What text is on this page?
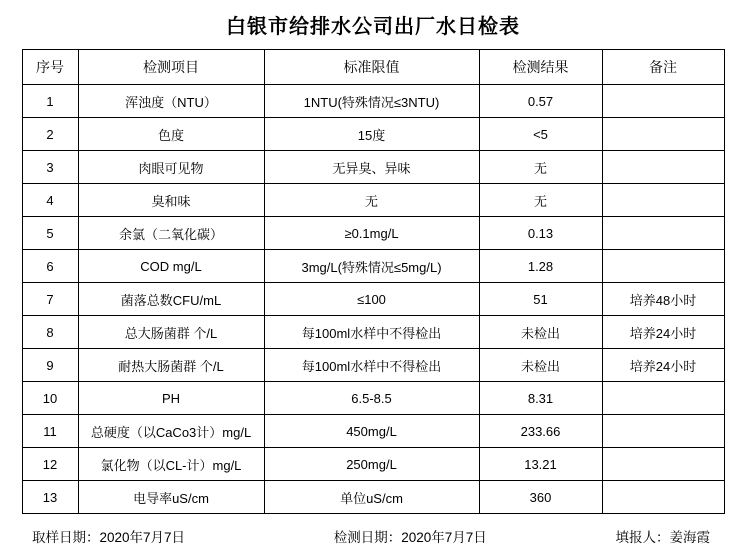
白银市给排水公司出厂水日检表
序号	检测项目	标准限值	检测结果	备注
1	浑浊度（NTU）	1NTU(特殊情况≤3NTU)	0.57	
2	色度	15度	<5	
3	肉眼可见物	无异臭、异味	无	
4	臭和味	无	无	
5	余氯（二氧化碳）	≥0.1mg/L	0.13	
6	COD mg/L	3mg/L(特殊情况≤5mg/L)	1.28	
7	菌落总数CFU/mL	≤100	51	培养48小时
8	总大肠菌群 个/L	每100ml水样中不得检出	未检出	培养24小时
9	耐热大肠菌群 个/L	每100ml水样中不得检出	未检出	培养24小时
10	PH	6.5-8.5	8.31	
11	总硬度（以CaCo3计）mg/L	450mg/L	233.66	
12	氯化物（以CL-计）mg/L	250mg/L	13.21	
13	电导率uS/cm	单位uS/cm	360	
取样日期：2020年7月7日	检测日期：2020年7月7日	填报人：姜海霞
